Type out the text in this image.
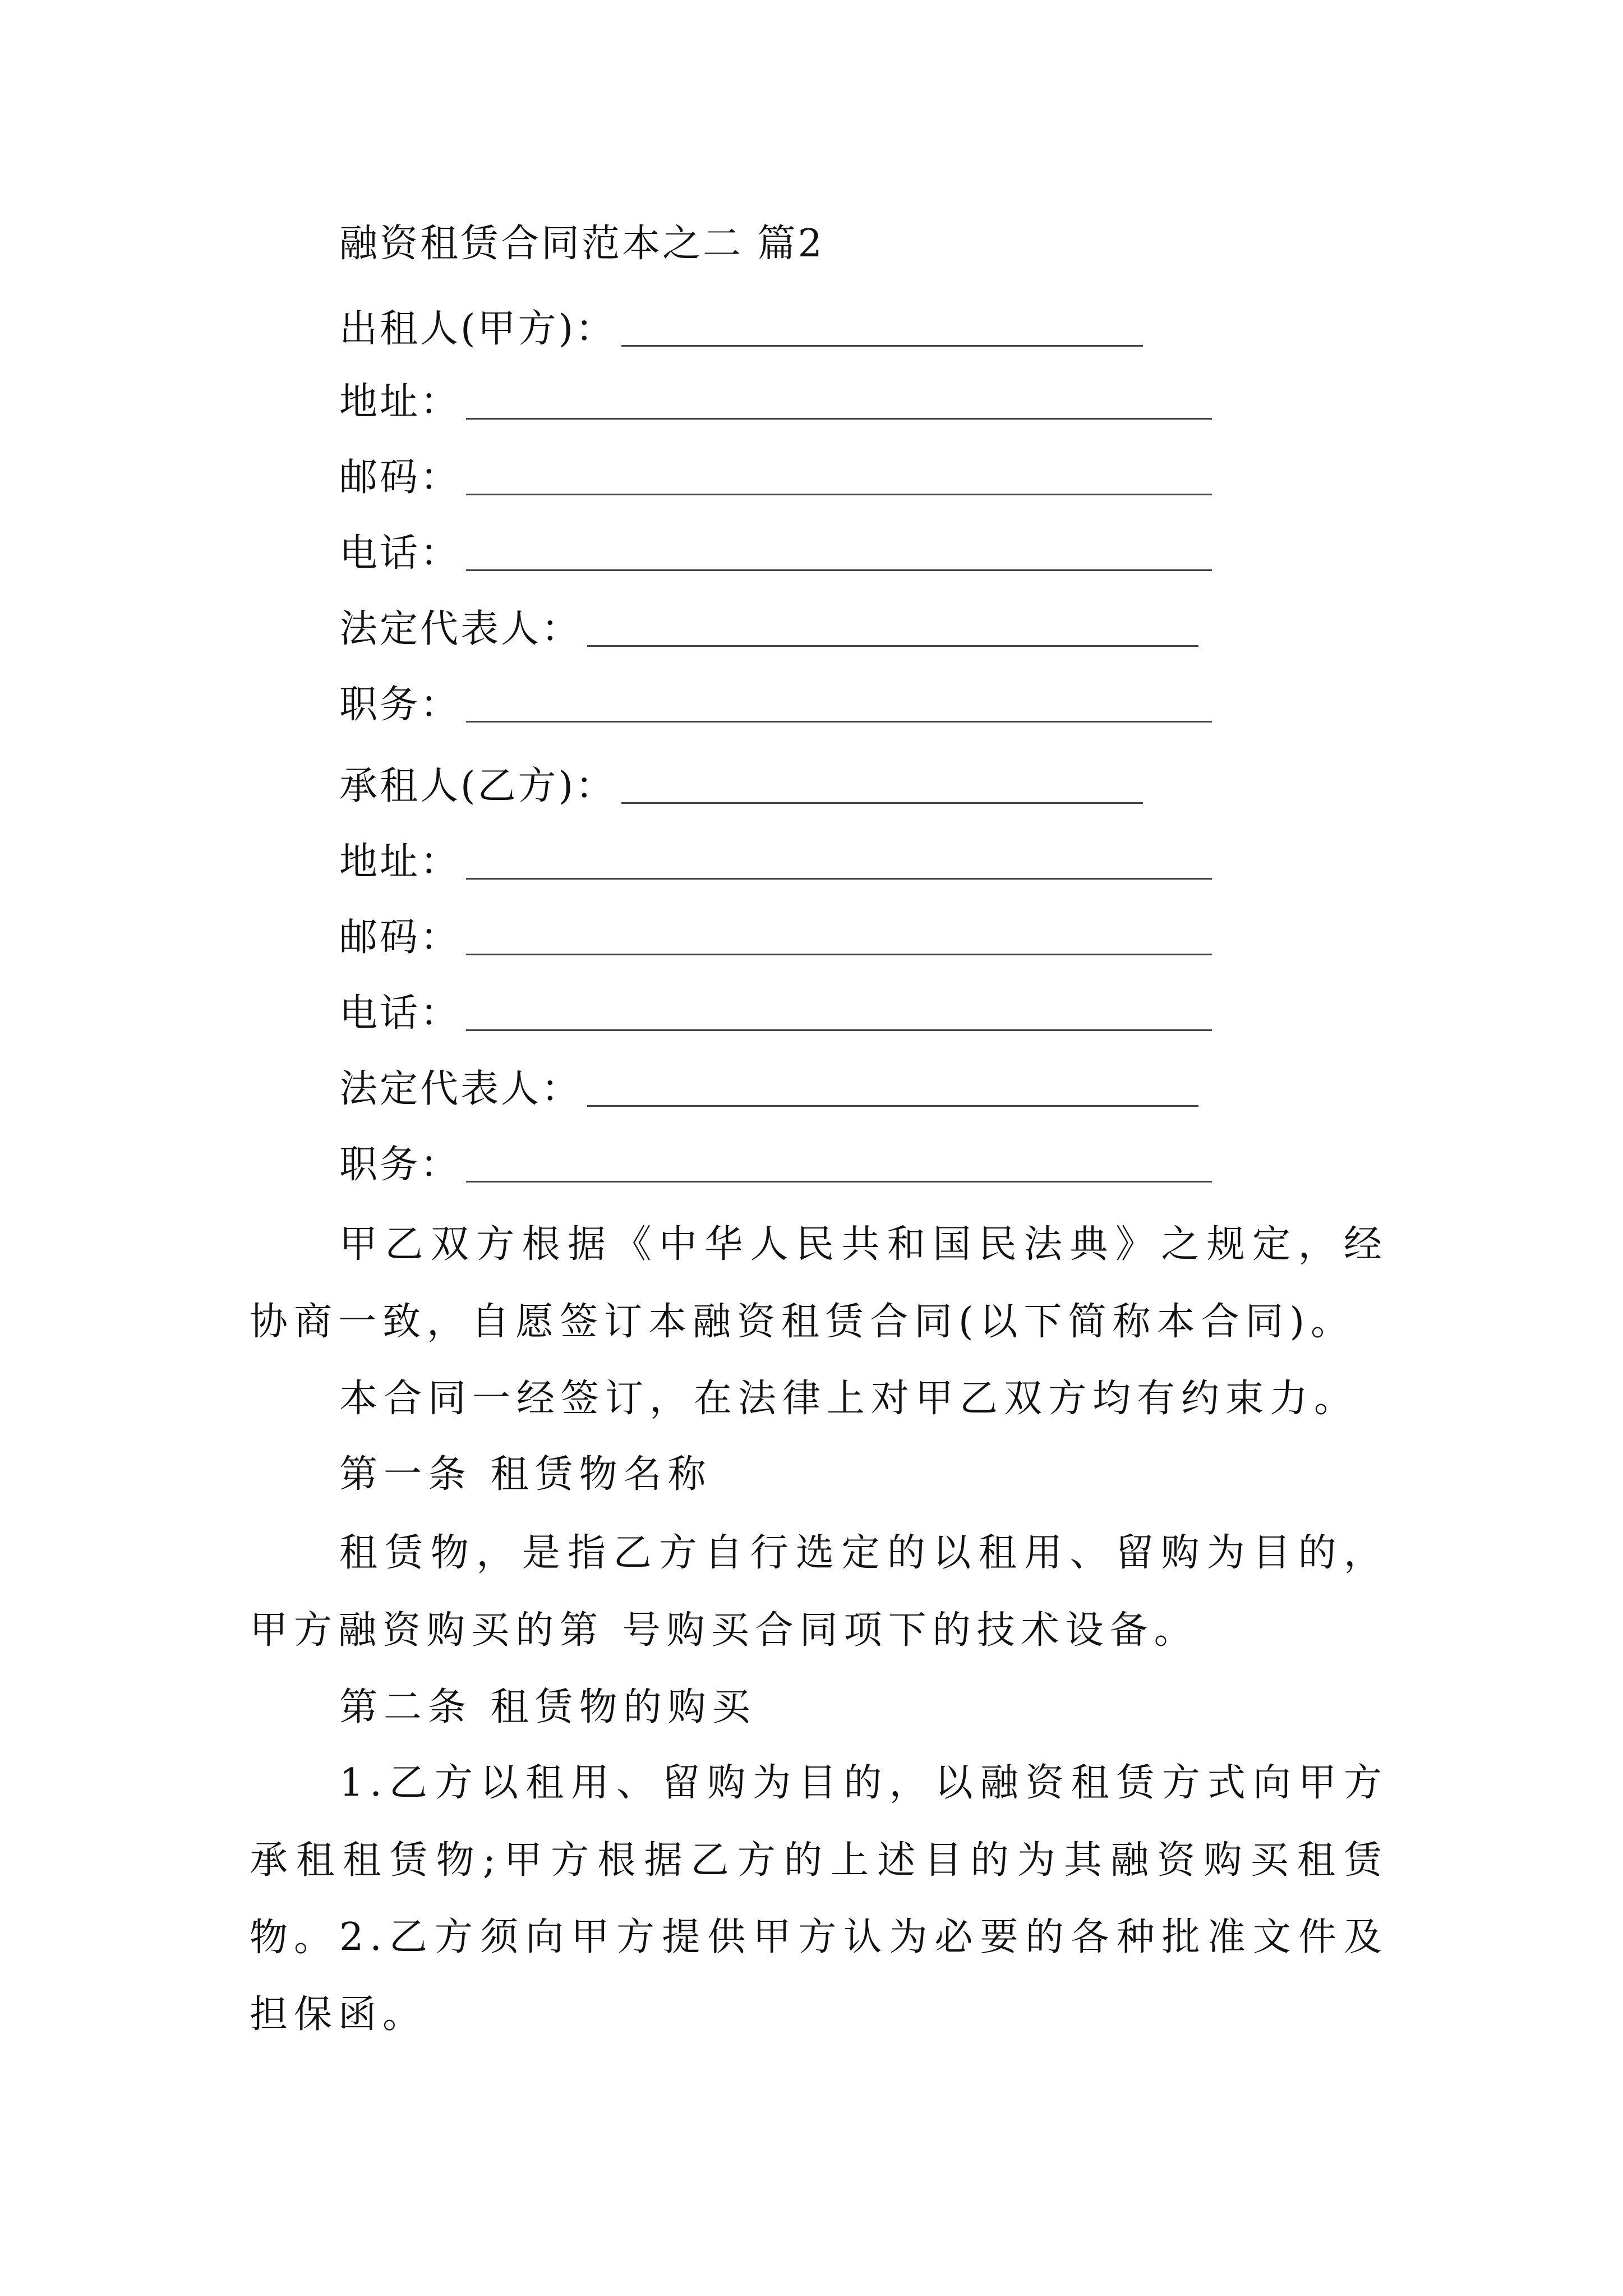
融资租赁合同范本之二 篇2
出租人(甲方)：
地址：
邮码：
电话：
法定代表人：
职务：
承租人(乙方)：
地址：
邮码：
电话：
法定代表人：
职务：

甲乙双方根据《中华人民共和国民法典》之规定，经协商一致，自愿签订本融资租赁合同(以下简称本合同)。

本合同一经签订，在法律上对甲乙双方均有约束力。

第一条 租赁物名称

租赁物，是指乙方自行选定的以租用、留购为目的，甲方融资购买的第 号购买合同项下的技术设备。

第二条 租赁物的购买

1.乙方以租用、留购为目的，以融资租赁方式向甲方承租租赁物;甲方根据乙方的上述目的为其融资购买租赁物。 2.乙方须向甲方提供甲方认为必要的各种批准文件及担保函。
